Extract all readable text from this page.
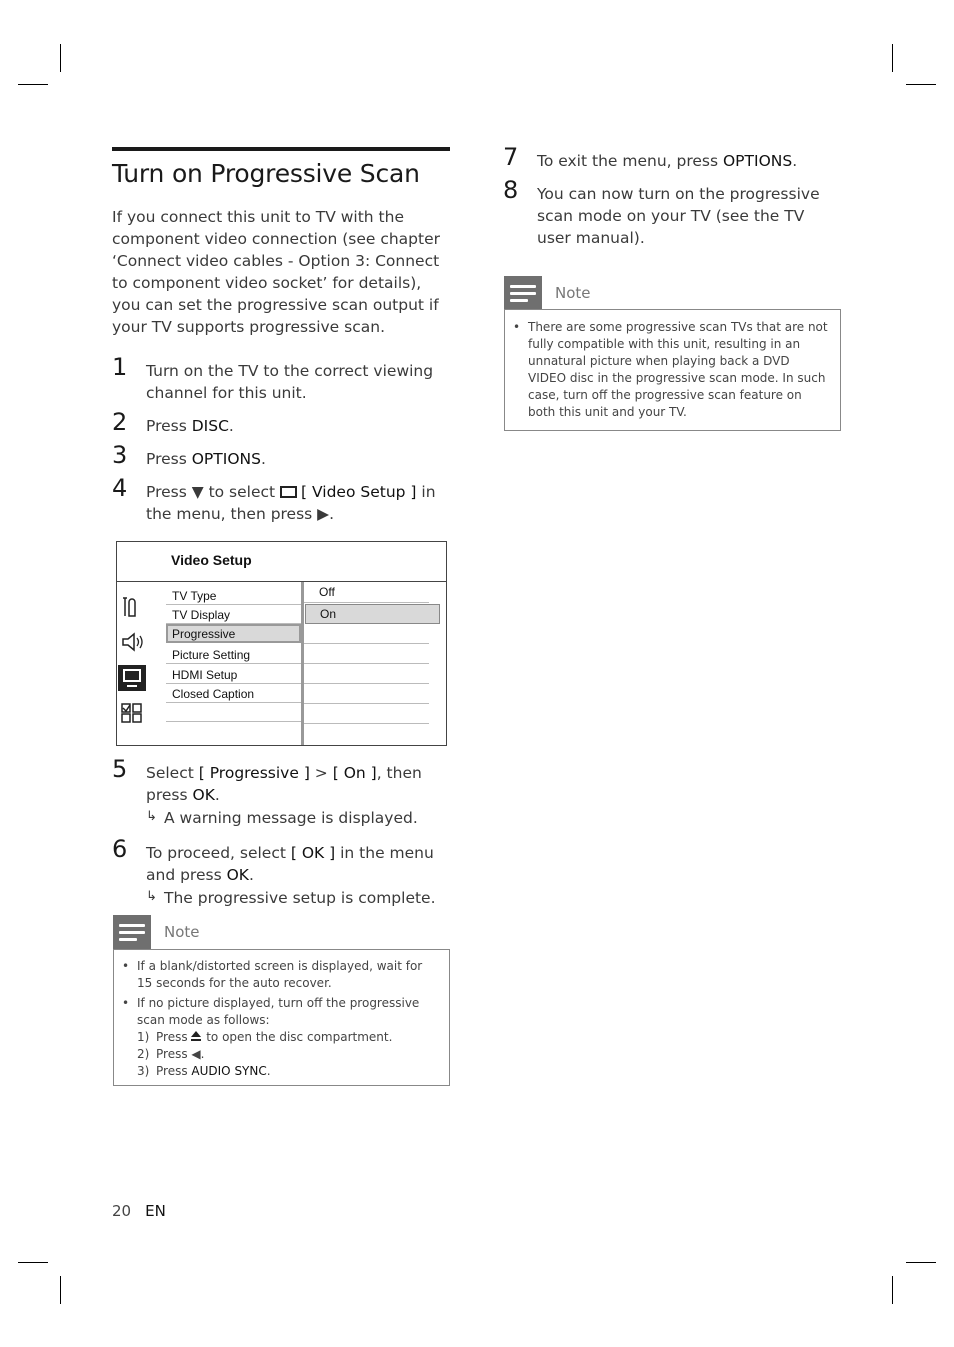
Turn on Progressive Scan
If you connect this unit to TV with the component video connection (see chapter ‘Connect video cables - Option 3: Connect to component video socket’ for details), you can set the progressive scan output if your TV supports progressive scan.
1 Turn on the TV to the correct viewing channel for this unit.
2 Press DISC.
3 Press OPTIONS.
4 Press ▼ to select [ Video Setup ] in the menu, then press ▶.
Video Setup
TV Type
TV Display
Progressive
Picture Setting
HDMI Setup
Closed Caption
Off
On
5 Select [ Progressive ] > [ On ], then press OK.
↳ A warning message is displayed.
6 To proceed, select [ OK ] in the menu and press OK.
↳ The progressive setup is complete.
Note
• If a blank/distorted screen is displayed, wait for 15 seconds for the auto recover.
• If no picture displayed, turn off the progressive scan mode as follows:
1) Press
to open the disc compartment.
2) Press ◀.
3) Press AUDIO SYNC.
7 To exit the menu, press OPTIONS.
8 You can now turn on the progressive scan mode on your TV (see the TV user manual).
Note
• There are some progressive scan TVs that are not fully compatible with this unit, resulting in an unnatural picture when playing back a DVD VIDEO disc in the progressive scan mode. In such case, turn off the progressive scan feature on both this unit and your TV.
20 EN
